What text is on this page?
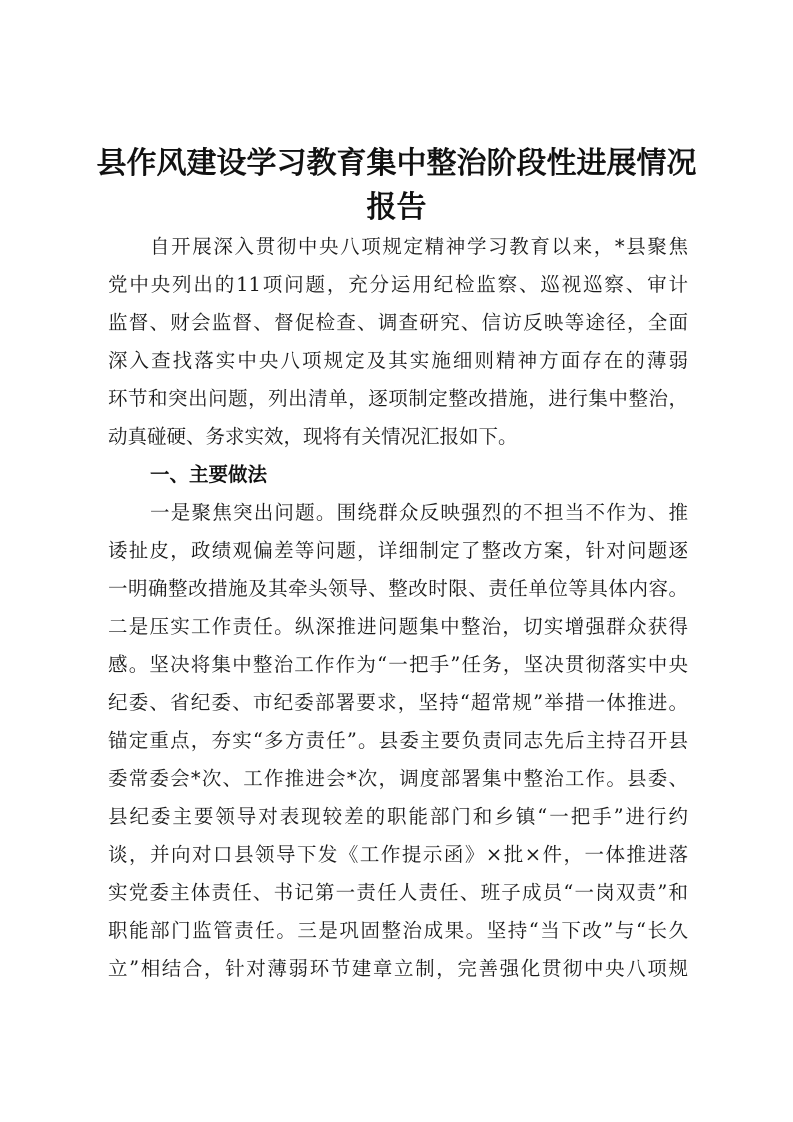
县作风建设学习教育集中整治阶段性进展情况
报告
自开展深入贯彻中央八项规定精神学习教育以来，*县聚焦
党中央列出的11项问题，充分运用纪检监察、巡视巡察、审计
监督、财会监督、督促检查、调查研究、信访反映等途径，全面
深入查找落实中央八项规定及其实施细则精神方面存在的薄弱
环节和突出问题，列出清单，逐项制定整改措施，进行集中整治，
动真碰硬、务求实效，现将有关情况汇报如下。
一、主要做法
一是聚焦突出问题。围绕群众反映强烈的不担当不作为、推
诿扯皮，政绩观偏差等问题，详细制定了整改方案，针对问题逐
一明确整改措施及其牵头领导、整改时限、责任单位等具体内容。
二是压实工作责任。纵深推进问题集中整治，切实增强群众获得
感。坚决将集中整治工作作为“一把手”任务，坚决贯彻落实中央
纪委、省纪委、市纪委部署要求，坚持“超常规”举措一体推进。
锚定重点，夯实“多方责任”。县委主要负责同志先后主持召开县
委常委会*次、工作推进会*次，调度部署集中整治工作。县委、
县纪委主要领导对表现较差的职能部门和乡镇“一把手”进行约
谈，并向对口县领导下发《工作提示函》×批×件，一体推进落
实党委主体责任、书记第一责任人责任、班子成员“一岗双责”和
职能部门监管责任。三是巩固整治成果。坚持“当下改”与“长久
立”相结合，针对薄弱环节建章立制，完善强化贯彻中央八项规
